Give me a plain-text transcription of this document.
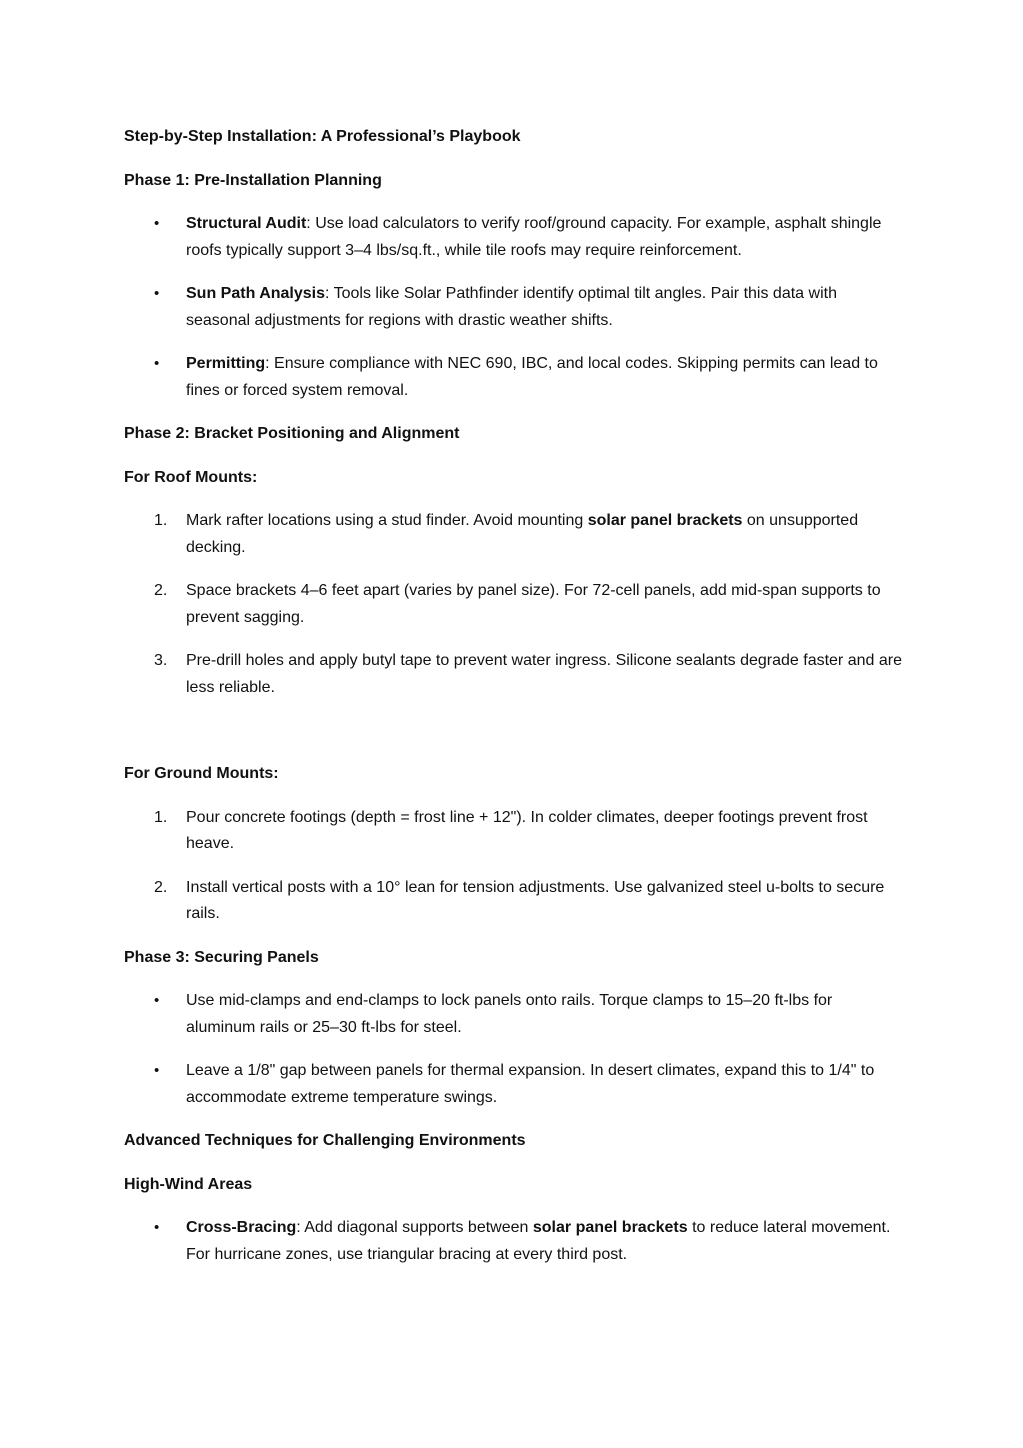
Step-by-Step Installation: A Professional’s Playbook
Phase 1: Pre-Installation Planning
• Structural Audit: Use load calculators to verify roof/ground capacity. For example, asphalt shingle roofs typically support 3–4 lbs/sq.ft., while tile roofs may require reinforcement.
• Sun Path Analysis: Tools like Solar Pathfinder identify optimal tilt angles. Pair this data with seasonal adjustments for regions with drastic weather shifts.
• Permitting: Ensure compliance with NEC 690, IBC, and local codes. Skipping permits can lead to fines or forced system removal.
Phase 2: Bracket Positioning and Alignment
For Roof Mounts:
1. Mark rafter locations using a stud finder. Avoid mounting solar panel brackets on unsupported decking.
2. Space brackets 4–6 feet apart (varies by panel size). For 72-cell panels, add mid-span supports to prevent sagging.
3. Pre-drill holes and apply butyl tape to prevent water ingress. Silicone sealants degrade faster and are less reliable.
For Ground Mounts:
1. Pour concrete footings (depth = frost line + 12"). In colder climates, deeper footings prevent frost heave.
2. Install vertical posts with a 10° lean for tension adjustments. Use galvanized steel u-bolts to secure rails.
Phase 3: Securing Panels
• Use mid-clamps and end-clamps to lock panels onto rails. Torque clamps to 15–20 ft-lbs for aluminum rails or 25–30 ft-lbs for steel.
• Leave a 1/8" gap between panels for thermal expansion. In desert climates, expand this to 1/4" to accommodate extreme temperature swings.
Advanced Techniques for Challenging Environments
High-Wind Areas
• Cross-Bracing: Add diagonal supports between solar panel brackets to reduce lateral movement. For hurricane zones, use triangular bracing at every third post.
